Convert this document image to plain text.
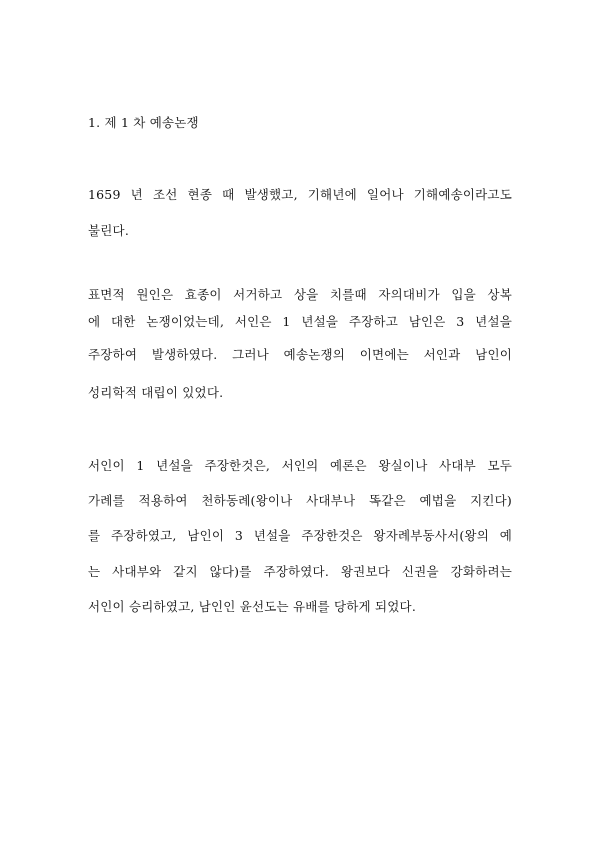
1. 제 1 차 예송논쟁
1659 년 조선 현종 때 발생했고, 기해년에 일어나 기해예송이라고도
불린다.
표면적 원인은 효종이 서거하고 상을 치를때 자의대비가 입을 상복
에 대한 논쟁이었는데, 서인은 1 년설을 주장하고 남인은 3 년설을
주장하여 발생하였다. 그러나 예송논쟁의 이면에는 서인과 남인이
성리학적 대립이 있었다.
서인이 1 년설을 주장한것은, 서인의 예론은 왕실이나 사대부 모두
가례를 적용하여 천하동례(왕이나 사대부나 똑같은 예법을 지킨다)
를 주장하였고, 남인이 3 년설을 주장한것은 왕자례부동사서(왕의 예
는 사대부와 같지 않다)를 주장하였다. 왕권보다 신권을 강화하려는
서인이 승리하였고, 남인인 윤선도는 유배를 당하게 되었다.
